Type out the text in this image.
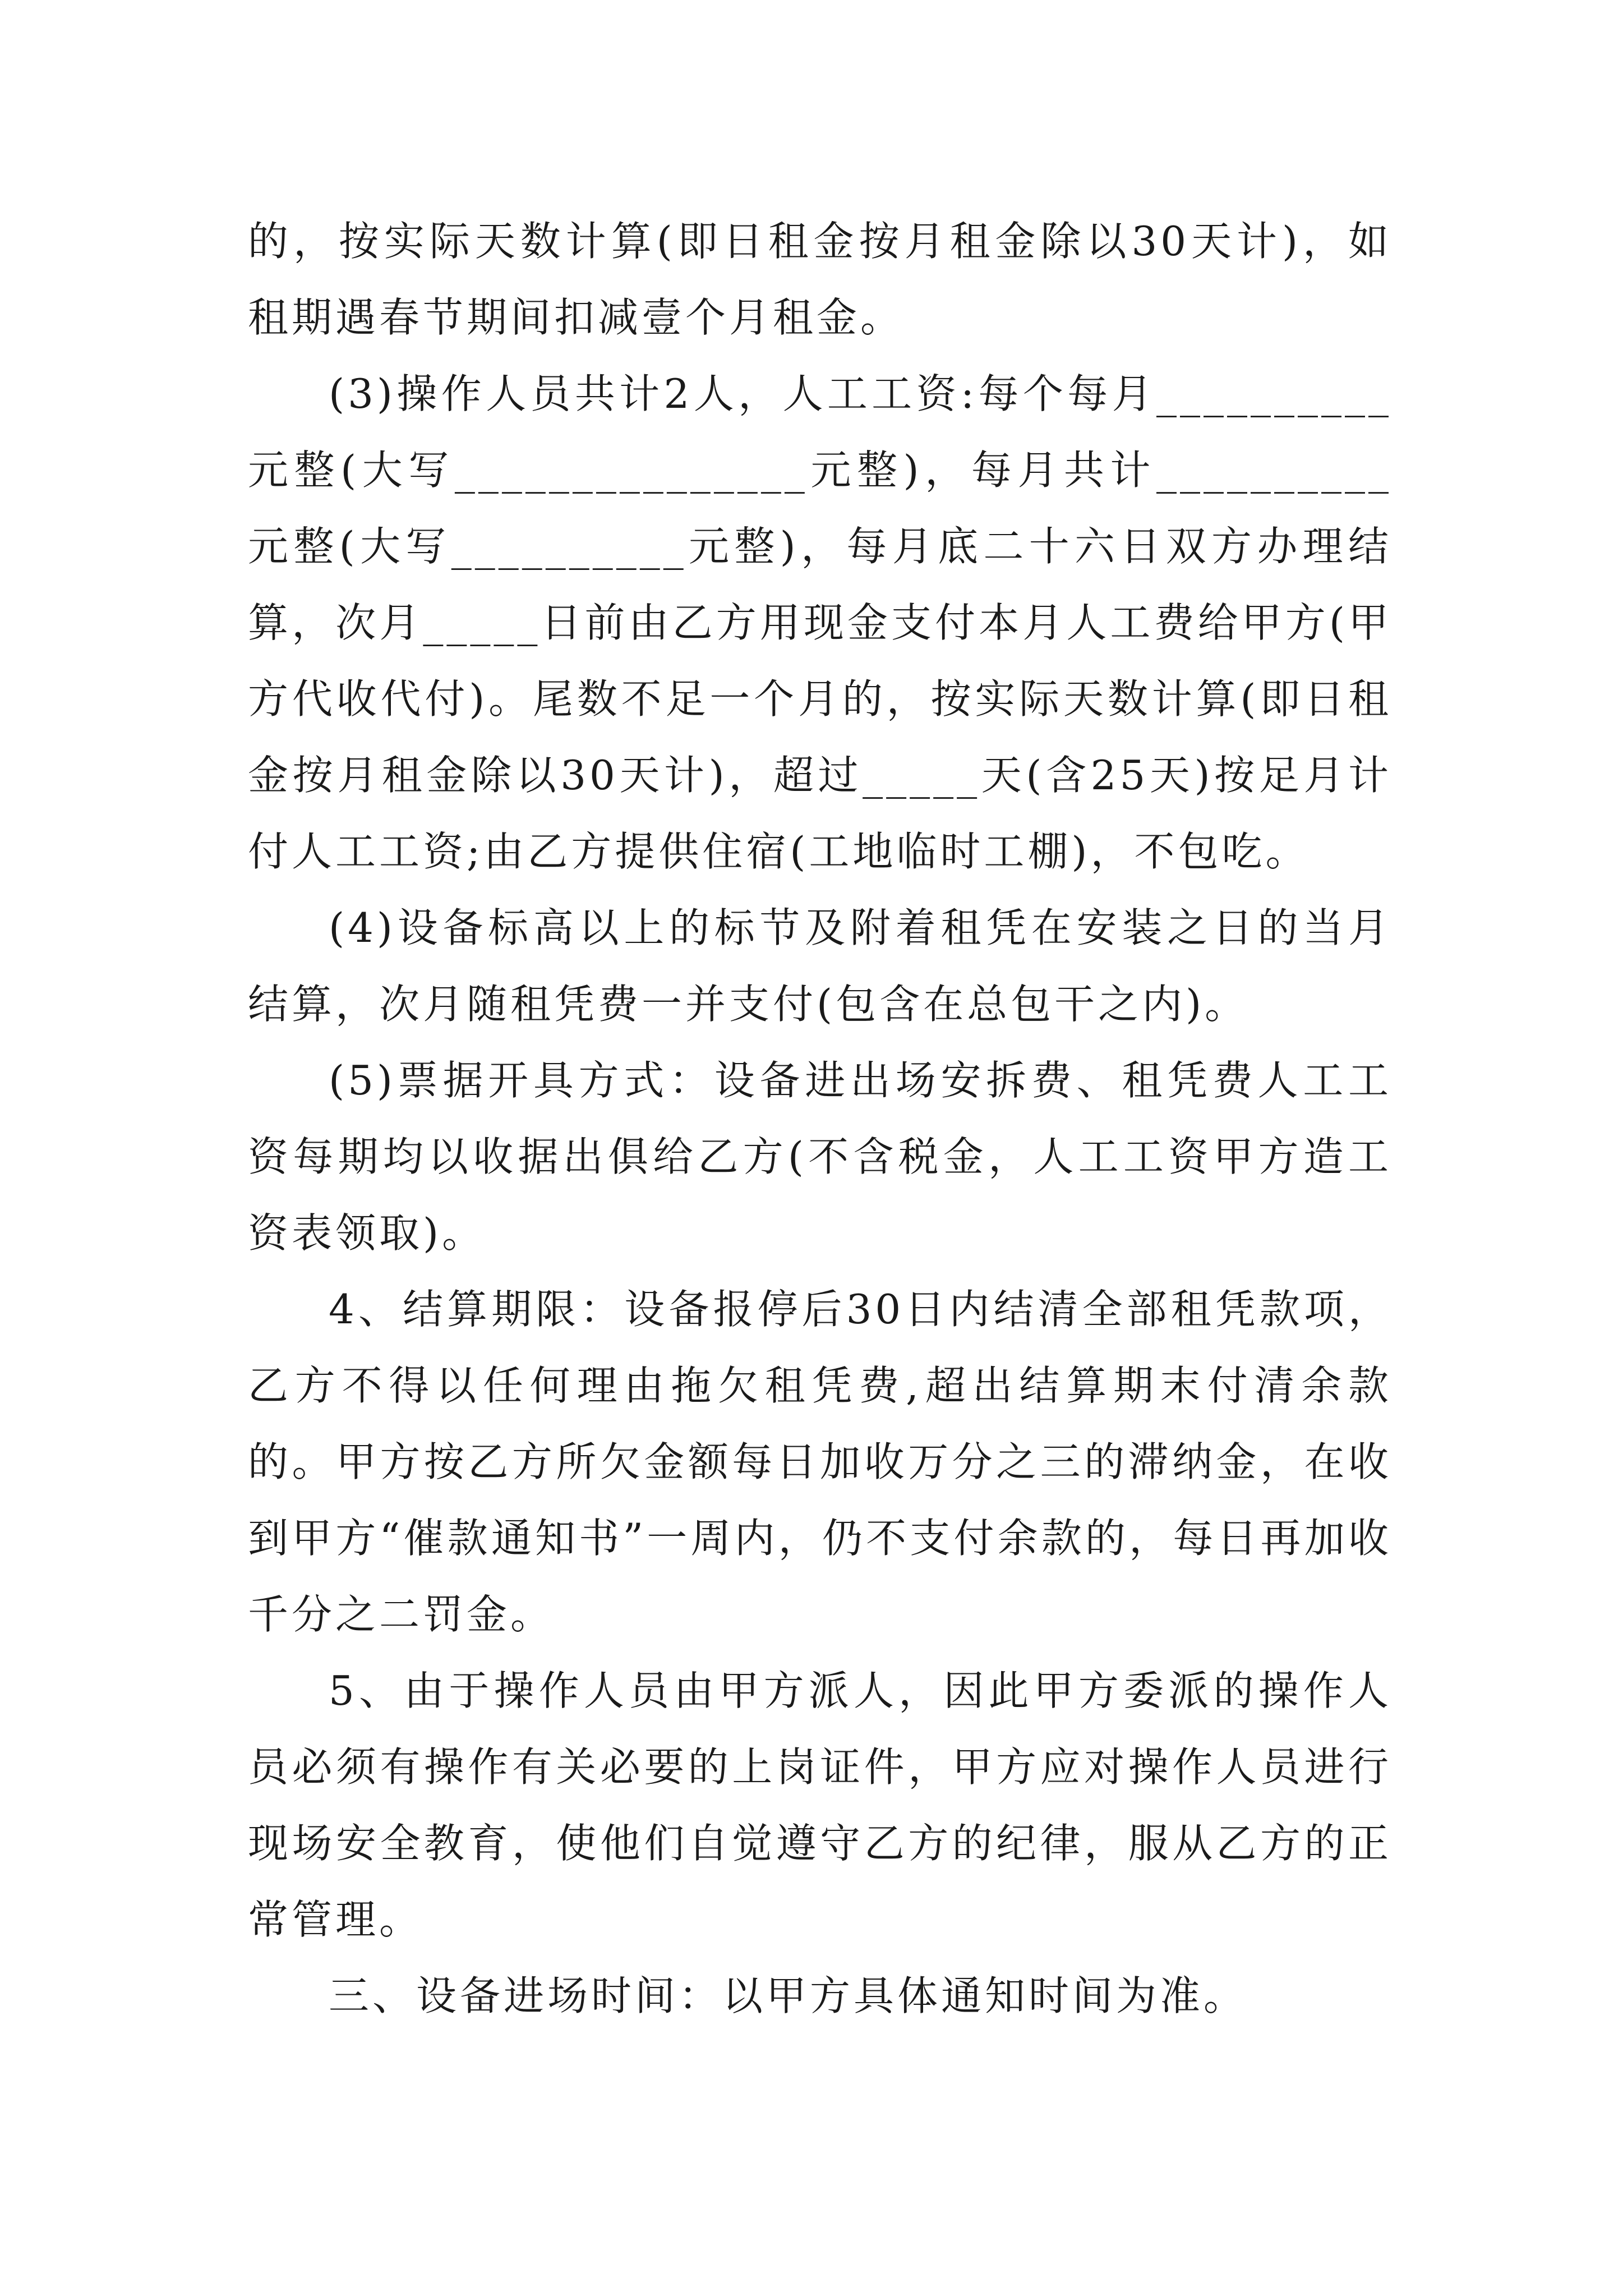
的，按实际天数计算(即日租金按月租金除以30天计)，如租期遇春节期间扣减壹个月租金。

(3)操作人员共计2人，人工工资:每个每月__________元整(大写_______________元整)，每月共计__________元整(大写__________元整)，每月底二十六日双方办理结算，次月_____日前由乙方用现金支付本月人工费给甲方(甲方代收代付)。尾数不足一个月的，按实际天数计算(即日租金按月租金除以30天计)，超过_____天(含25天)按足月计付人工工资;由乙方提供住宿(工地临时工棚)，不包吃。

(4)设备标高以上的标节及附着租凭在安装之日的当月结算，次月随租凭费一并支付(包含在总包干之内)。

(5)票据开具方式：设备进出场安拆费、租凭费人工工资每期均以收据出俱给乙方(不含税金，人工工资甲方造工资表领取)。

4、结算期限：设备报停后30日内结清全部租凭款项，乙方不得以任何理由拖欠租凭费,超出结算期末付清余款的。甲方按乙方所欠金额每日加收万分之三的滞纳金，在收到甲方“催款通知书”一周内，仍不支付余款的，每日再加收千分之二罚金。

5、由于操作人员由甲方派人，因此甲方委派的操作人员必须有操作有关必要的上岗证件，甲方应对操作人员进行现场安全教育，使他们自觉遵守乙方的纪律，服从乙方的正常管理。

三、设备进场时间：以甲方具体通知时间为准。
